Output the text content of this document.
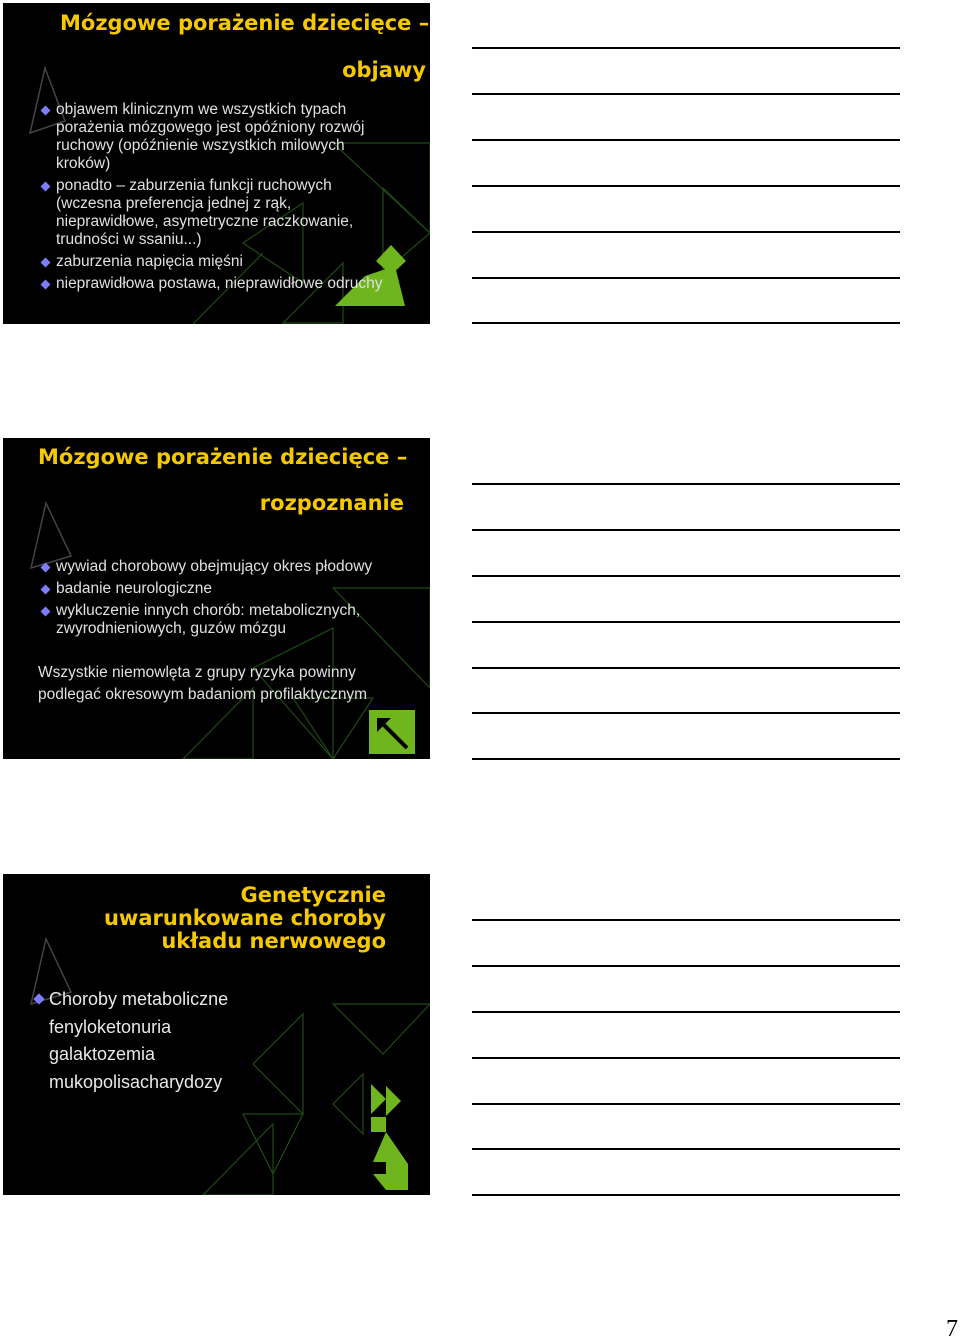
Mózgowe porażenie dziecięce –
objawy
objawem klinicznym we wszystkich typach porażenia mózgowego jest opóźniony rozwój ruchowy (opóźnienie wszystkich milowych kroków)
ponadto – zaburzenia funkcji ruchowych (wczesna preferencja jednej z rąk, nieprawidłowe, asymetryczne raczkowanie, trudności w ssaniu...)
zaburzenia napięcia mięśni
nieprawidłowa postawa, nieprawidłowe odruchy
Mózgowe porażenie dziecięce –
rozpoznanie
wywiad chorobowy obejmujący okres płodowy
badanie neurologiczne
wykluczenie innych chorób: metabolicznych, zwyrodnieniowych, guzów mózgu
Wszystkie niemowlęta z grupy ryzyka powinny podlegać okresowym badaniom profilaktycznym
Genetycznie
uwarunkowane choroby
układu nerwowego
Choroby metaboliczne
fenyloketonuria
galaktozemia
mukopolisacharydozy
7
